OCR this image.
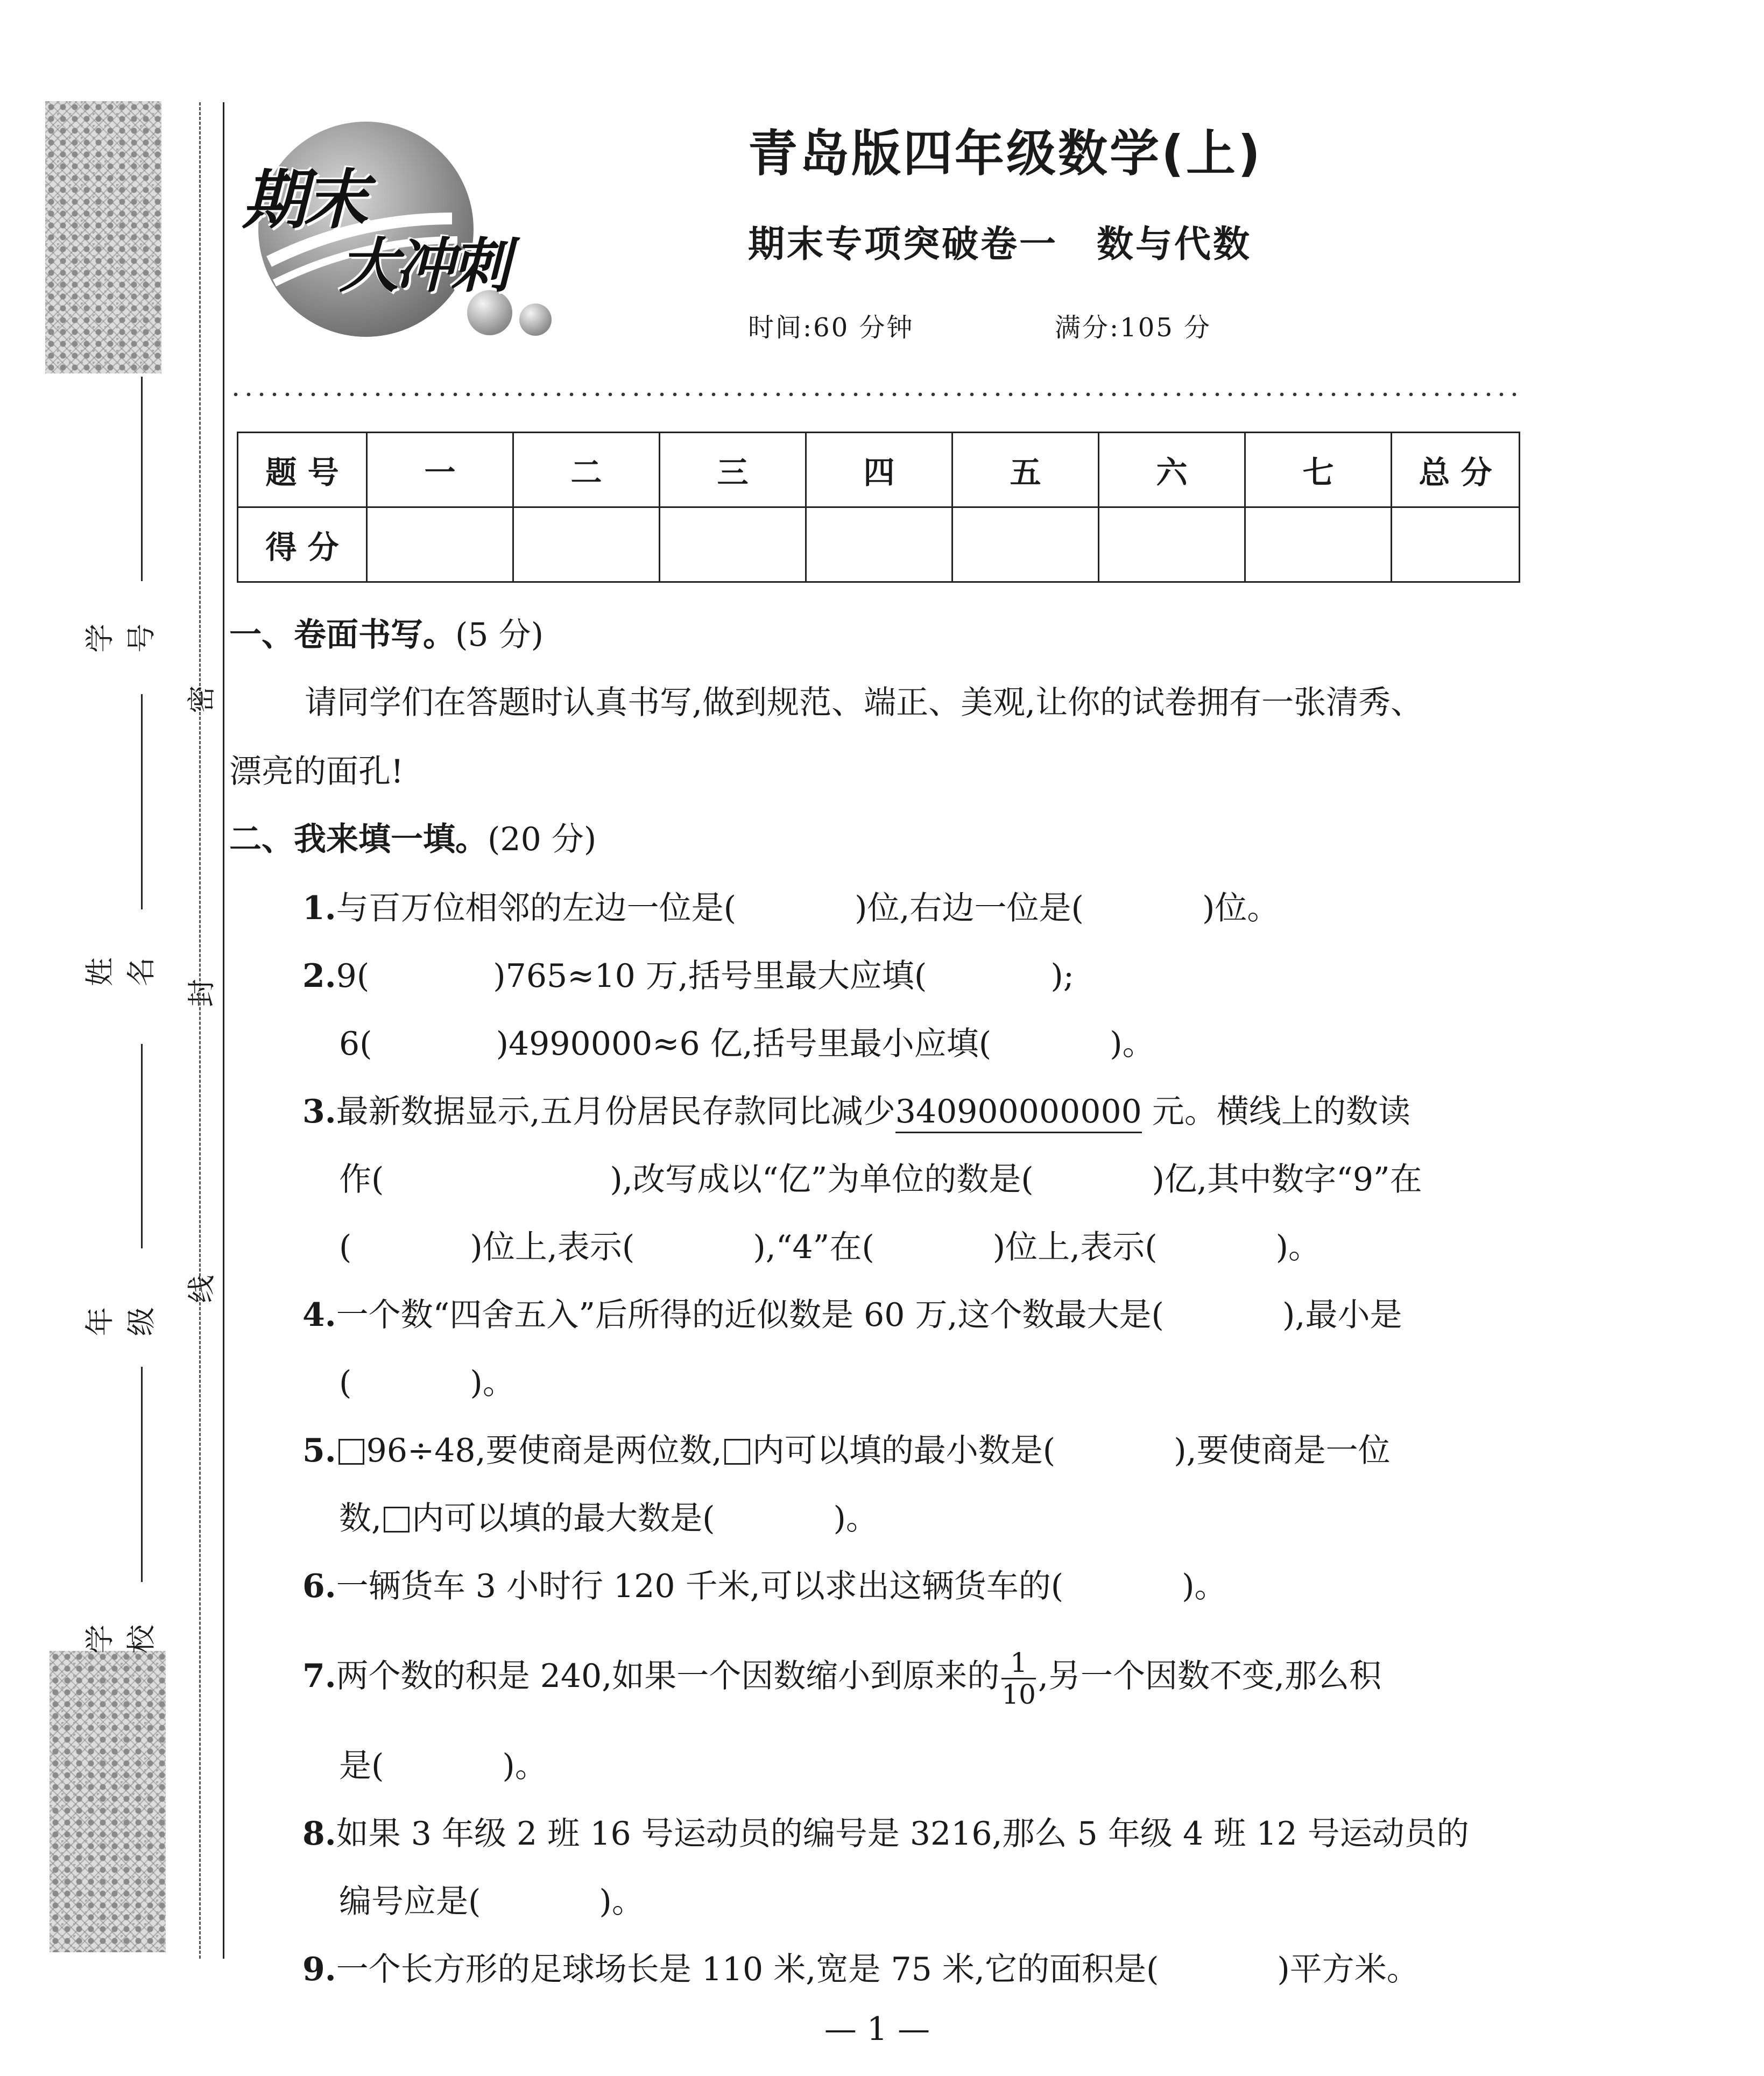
学号
姓名
年级
学校
密
封
线
期末
大冲刺
青岛版四年级数学(上)
期末专项突破卷一　数与代数
时间:60 分钟	满分:105 分
题 号	一	二	三	四	五	六	七	总 分
得 分								
一、卷面书写。(5 分)
请同学们在答题时认真书写,做到规范、端正、美观,让你的试卷拥有一张清秀、
漂亮的面孔!
二、我来填一填。(20 分)
1.与百万位相邻的左边一位是(	)位,右边一位是(	)位。
2.9(	)765≈10 万,括号里最大应填(	);
6(	)4990000≈6 亿,括号里最小应填(	)。
3.最新数据显示,五月份居民存款同比减少340900000000 元。横线上的数读
作(	),改写成以“亿”为单位的数是(	)亿,其中数字“9”在
(	)位上,表示(	),“4”在(	)位上,表示(	)。
4.一个数“四舍五入”后所得的近似数是 60 万,这个数最大是(	),最小是
(	)。
5. 96÷48,要使商是两位数, 内可以填的最小数是(	),要使商是一位
数, 内可以填的最大数是(	)。
6.一辆货车 3 小时行 120 千米,可以求出这辆货车的(	)。
7.两个数的积是 240,如果一个因数缩小到原来的 $\frac{1}{10}$ ,另一个因数不变,那么积
是(	)。
8.如果 3 年级 2 班 16 号运动员的编号是 3216,那么 5 年级 4 班 12 号运动员的
编号应是(	)。
9.一个长方形的足球场长是 110 米,宽是 75 米,它的面积是(	)平方米。
— 1 —
